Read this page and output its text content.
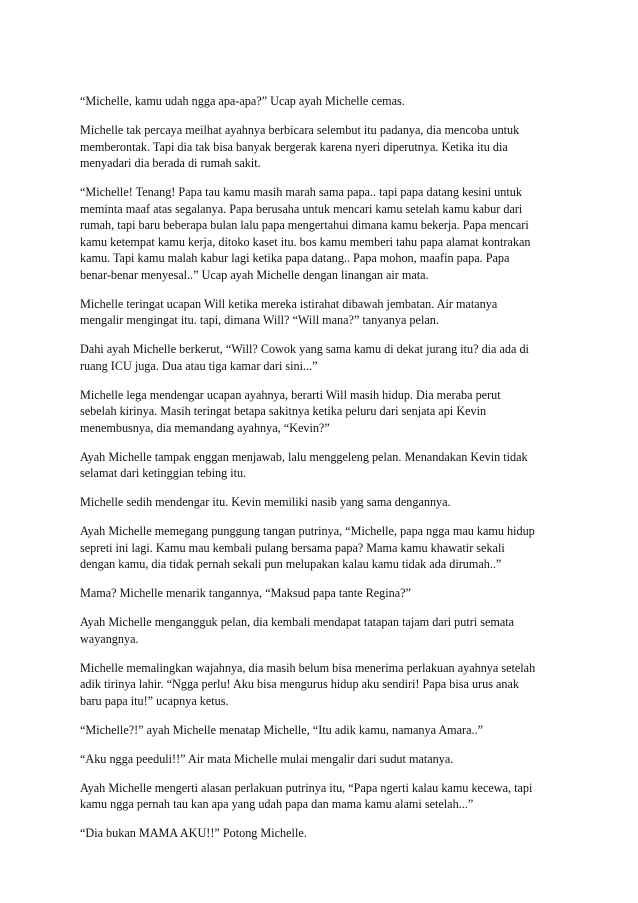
“Michelle, kamu udah ngga apa-apa?” Ucap ayah Michelle cemas.

Michelle tak percaya meilhat ayahnya berbicara selembut itu padanya, dia mencoba untuk
memberontak. Tapi dia tak bisa banyak bergerak karena nyeri diperutnya. Ketika itu dia
menyadari dia berada di rumah sakit.

“Michelle! Tenang! Papa tau kamu masih marah sama papa.. tapi papa datang kesini untuk
meminta maaf atas segalanya. Papa berusaha untuk mencari kamu setelah kamu kabur dari
rumah, tapi baru beberapa bulan lalu papa mengertahui dimana kamu bekerja. Papa mencari
kamu ketempat kamu kerja, ditoko kaset itu. bos kamu memberi tahu papa alamat kontrakan
kamu. Tapi kamu malah kabur lagi ketika papa datang.. Papa mohon, maafin papa. Papa
benar-benar menyesal..” Ucap ayah Michelle dengan linangan air mata.

Michelle teringat ucapan Will ketika mereka istirahat dibawah jembatan. Air matanya
mengalir mengingat itu. tapi, dimana Will? “Will mana?” tanyanya pelan.

Dahi ayah Michelle berkerut, “Will? Cowok yang sama kamu di dekat jurang itu? dia ada di
ruang ICU juga. Dua atau tiga kamar dari sini...”

Michelle lega mendengar ucapan ayahnya, berarti Will masih hidup. Dia meraba perut
sebelah kirinya. Masih teringat betapa sakitnya ketika peluru dari senjata api Kevin
menembusnya, dia memandang ayahnya, “Kevin?”

Ayah Michelle tampak enggan menjawab, lalu menggeleng pelan. Menandakan Kevin tidak
selamat dari ketinggian tebing itu.

Michelle sedih mendengar itu. Kevin memiliki nasib yang sama dengannya.

Ayah Michelle memegang punggung tangan putrinya, “Michelle, papa ngga mau kamu hidup
sepreti ini lagi. Kamu mau kembali pulang bersama papa? Mama kamu khawatir sekali
dengan kamu, dia tidak pernah sekali pun melupakan kalau kamu tidak ada dirumah..”

Mama? Michelle menarik tangannya, “Maksud papa tante Regina?”

Ayah Michelle mengangguk pelan, dia kembali mendapat tatapan tajam dari putri semata
wayangnya.

Michelle memalingkan wajahnya, dia masih belum bisa menerima perlakuan ayahnya setelah
adik tirinya lahir. “Ngga perlu! Aku bisa mengurus hidup aku sendiri! Papa bisa urus anak
baru papa itu!” ucapnya ketus.

“Michelle?!” ayah Michelle menatap Michelle, “Itu adik kamu, namanya Amara..”

“Aku ngga peeduli!!” Air mata Michelle mulai mengalir dari sudut matanya.

Ayah Michelle mengerti alasan perlakuan putrinya itu, “Papa ngerti kalau kamu kecewa, tapi
kamu ngga pernah tau kan apa yang udah papa dan mama kamu alami setelah...”

“Dia bukan MAMA AKU!!” Potong Michelle.
